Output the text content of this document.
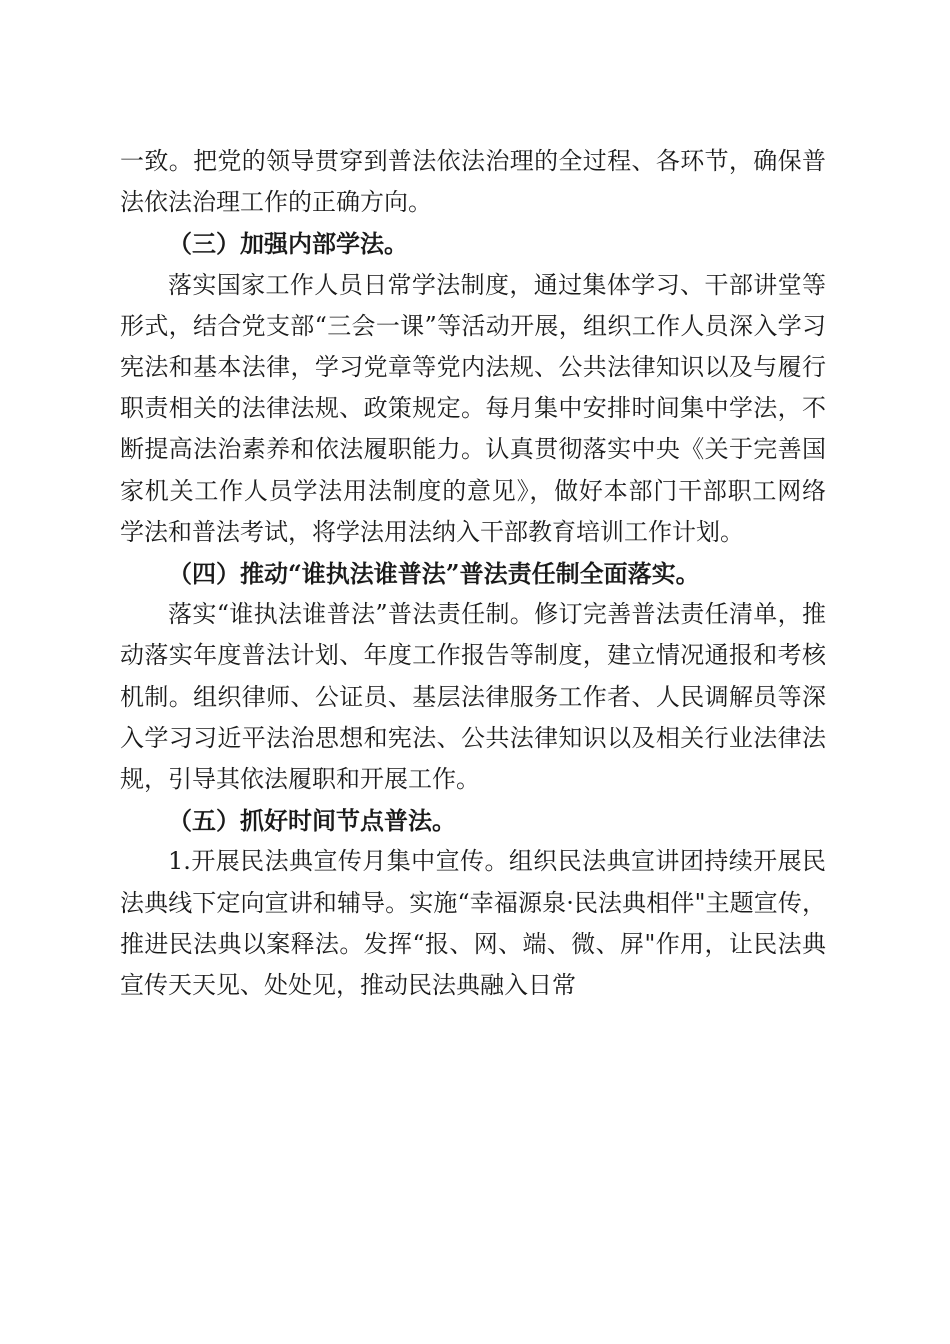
一致。把党的领导贯穿到普法依法治理的全过程、各环节，确保普法依法治理工作的正确方向。

（三）加强内部学法。

落实国家工作人员日常学法制度，通过集体学习、干部讲堂等形式，结合党支部“三会一课”等活动开展，组织工作人员深入学习宪法和基本法律，学习党章等党内法规、公共法律知识以及与履行职责相关的法律法规、政策规定。每月集中安排时间集中学法，不断提高法治素养和依法履职能力。认真贯彻落实中央《关于完善国家机关工作人员学法用法制度的意见》，做好本部门干部职工网络学法和普法考试，将学法用法纳入干部教育培训工作计划。

（四）推动“谁执法谁普法”普法责任制全面落实。

落实“谁执法谁普法”普法责任制。修订完善普法责任清单，推动落实年度普法计划、年度工作报告等制度，建立情况通报和考核机制。组织律师、公证员、基层法律服务工作者、人民调解员等深入学习习近平法治思想和宪法、公共法律知识以及相关行业法律法规，引导其依法履职和开展工作。

（五）抓好时间节点普法。

1.开展民法典宣传月集中宣传。组织民法典宣讲团持续开展民法典线下定向宣讲和辅导。实施“幸福源泉·民法典相伴"主题宣传，推进民法典以案释法。发挥“报、网、端、微、屏"作用，让民法典宣传天天见、处处见，推动民法典融入日常
